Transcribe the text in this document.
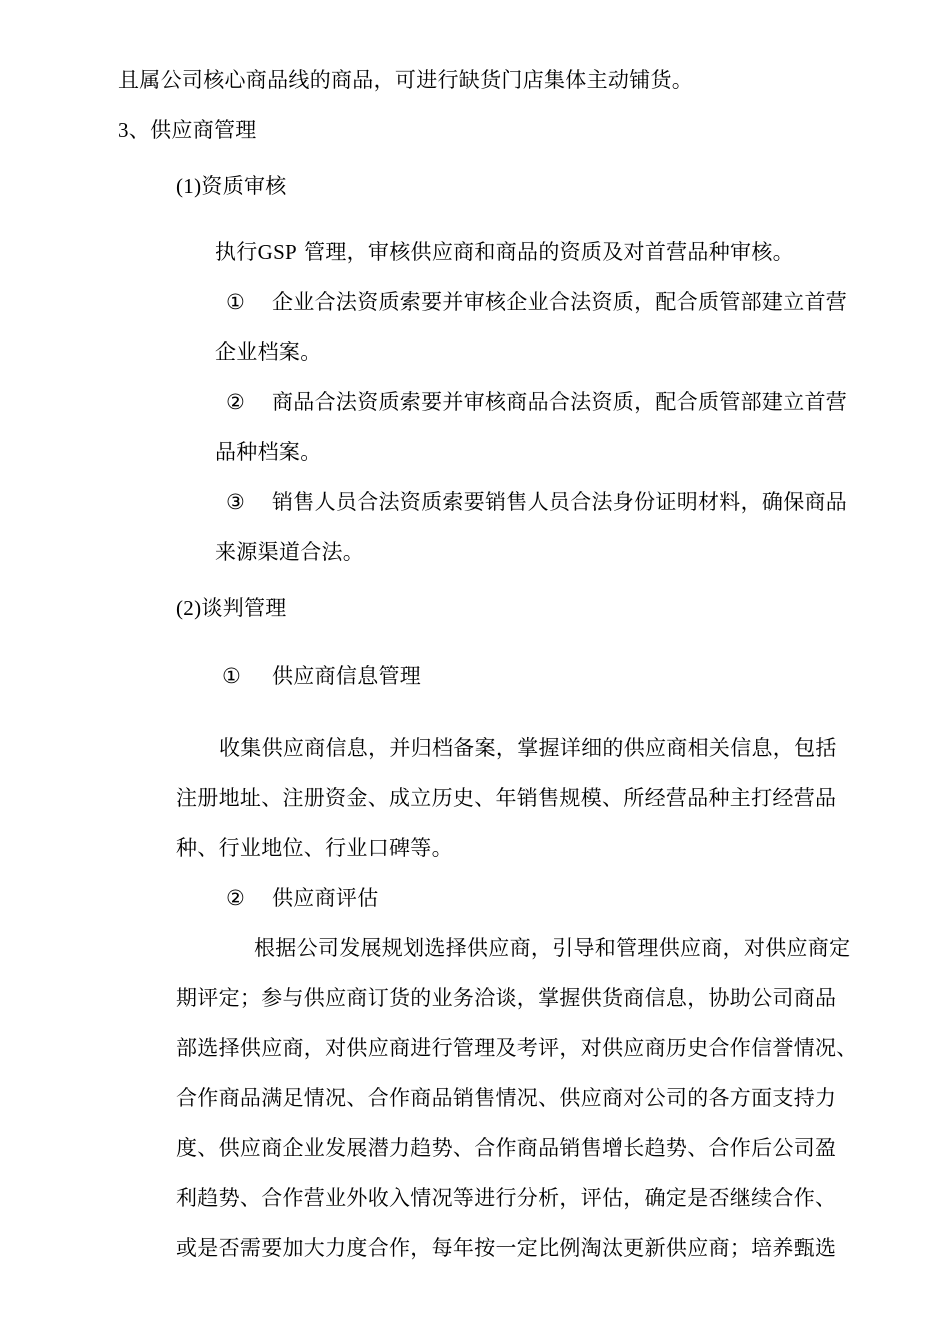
且属公司核心商品线的商品，可进行缺货门店集体主动铺货。
3、供应商管理
(1)资质审核
执行GSP 管理，审核供应商和商品的资质及对首营品种审核。
① 企业合法资质索要并审核企业合法资质，配合质管部建立首营
企业档案。
② 商品合法资质索要并审核商品合法资质，配合质管部建立首营
品种档案。
③ 销售人员合法资质索要销售人员合法身份证明材料，确保商品
来源渠道合法。
(2)谈判管理
① 供应商信息管理
收集供应商信息，并归档备案，掌握详细的供应商相关信息，包括
注册地址、注册资金、成立历史、年销售规模、所经营品种主打经营品
种、行业地位、行业口碑等。
② 供应商评估
根据公司发展规划选择供应商，引导和管理供应商，对供应商定
期评定；参与供应商订货的业务洽谈，掌握供货商信息，协助公司商品
部选择供应商，对供应商进行管理及考评，对供应商历史合作信誉情况、
合作商品满足情况、合作商品销售情况、供应商对公司的各方面支持力
度、供应商企业发展潜力趋势、合作商品销售增长趋势、合作后公司盈
利趋势、合作营业外收入情况等进行分析，评估，确定是否继续合作、
或是否需要加大力度合作，每年按一定比例淘汰更新供应商；培养甄选
